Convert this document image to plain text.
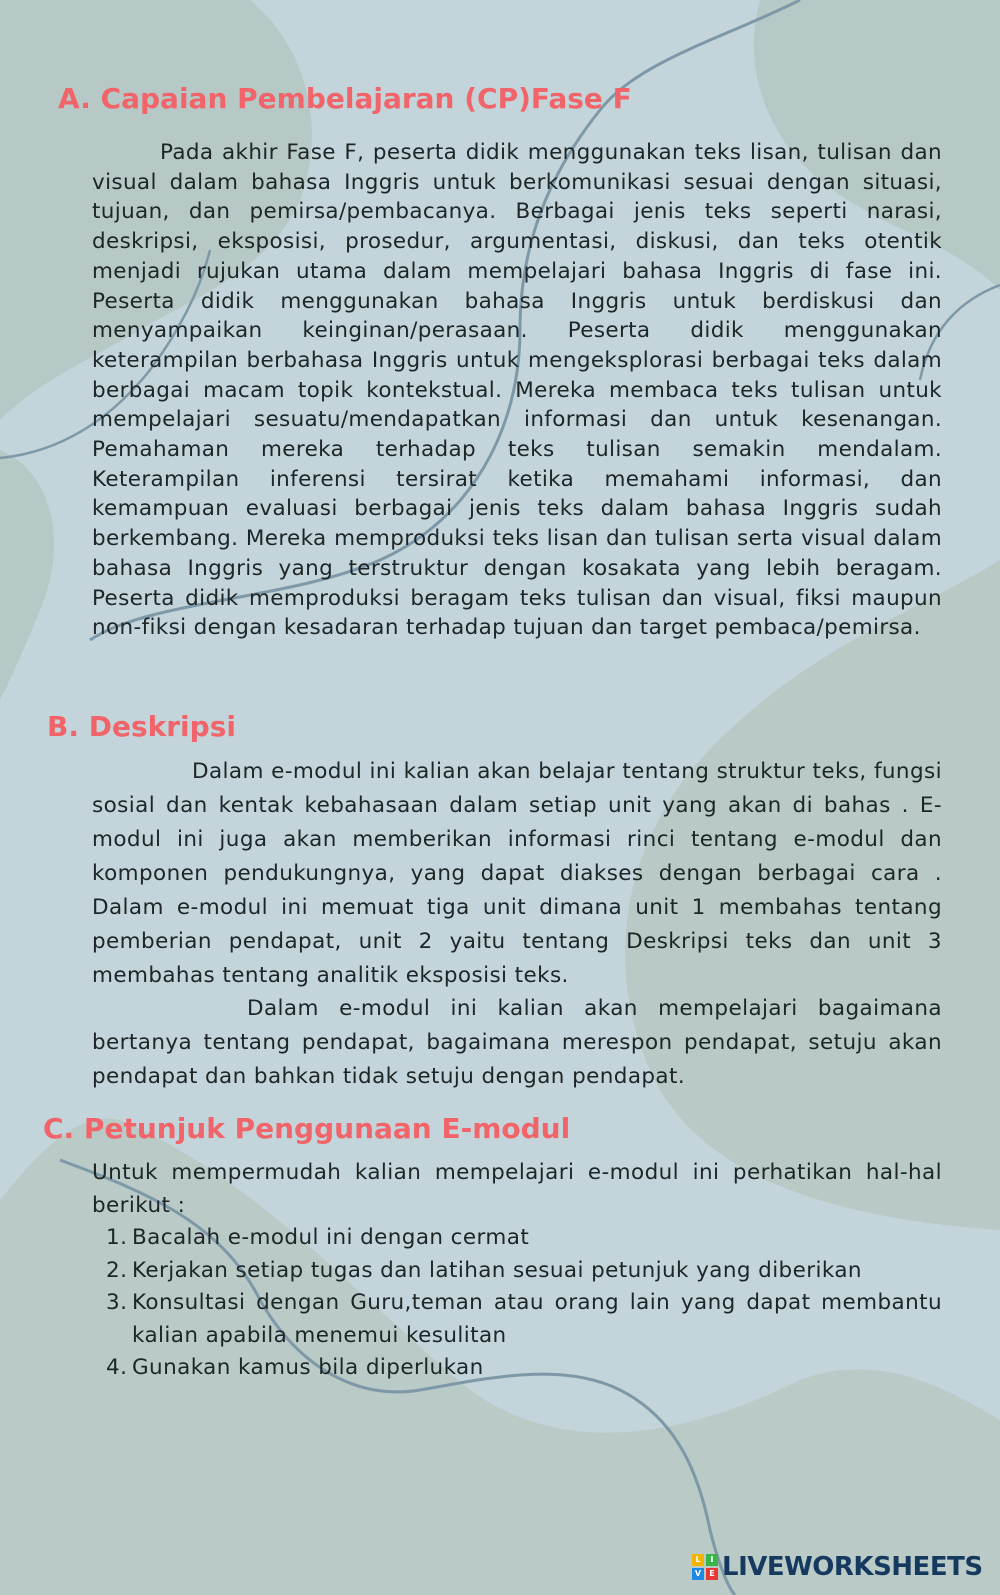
A. Capaian Pembelajaran (CP)Fase F

Pada akhir Fase F, peserta didik menggunakan teks lisan, tulisan dan visual dalam bahasa Inggris untuk berkomunikasi sesuai dengan situasi, tujuan, dan pemirsa/pembacanya. Berbagai jenis teks seperti narasi, deskripsi, eksposisi, prosedur, argumentasi, diskusi, dan teks otentik menjadi rujukan utama dalam mempelajari bahasa Inggris di fase ini. Peserta didik menggunakan bahasa Inggris untuk berdiskusi dan menyampaikan keinginan/perasaan. Peserta didik menggunakan keterampilan berbahasa Inggris untuk mengeksplorasi berbagai teks dalam berbagai macam topik kontekstual. Mereka membaca teks tulisan untuk mempelajari sesuatu/mendapatkan informasi dan untuk kesenangan. Pemahaman mereka terhadap teks tulisan semakin mendalam. Keterampilan inferensi tersirat ketika memahami informasi, dan kemampuan evaluasi berbagai jenis teks dalam bahasa Inggris sudah berkembang. Mereka memproduksi teks lisan dan tulisan serta visual dalam bahasa Inggris yang terstruktur dengan kosakata yang lebih beragam. Peserta didik memproduksi beragam teks tulisan dan visual, fiksi maupun non-fiksi dengan kesadaran terhadap tujuan dan target pembaca/pemirsa.

B. Deskripsi

Dalam e-modul ini kalian akan belajar tentang struktur teks, fungsi sosial dan kentak kebahasaan dalam setiap unit yang akan di bahas . E-modul ini juga akan memberikan informasi rinci tentang e-modul dan komponen pendukungnya, yang dapat diakses dengan berbagai cara . Dalam e-modul ini memuat tiga unit dimana unit 1 membahas tentang pemberian pendapat, unit 2 yaitu tentang Deskripsi teks dan unit 3 membahas tentang analitik eksposisi teks.

Dalam e-modul ini kalian akan mempelajari bagaimana bertanya tentang pendapat, bagaimana merespon pendapat, setuju akan pendapat dan bahkan tidak setuju dengan pendapat.

C. Petunjuk Penggunaan E-modul

Untuk mempermudah kalian mempelajari e-modul ini perhatikan hal-hal berikut :

1. Bacalah e-modul ini dengan cermat
2. Kerjakan setiap tugas dan latihan sesuai petunjuk yang diberikan
3. Konsultasi dengan Guru,teman atau orang lain yang dapat membantu kalian apabila menemui kesulitan
4. Gunakan kamus bila diperlukan
L	I
V	E LIVEWORKSHEETS
